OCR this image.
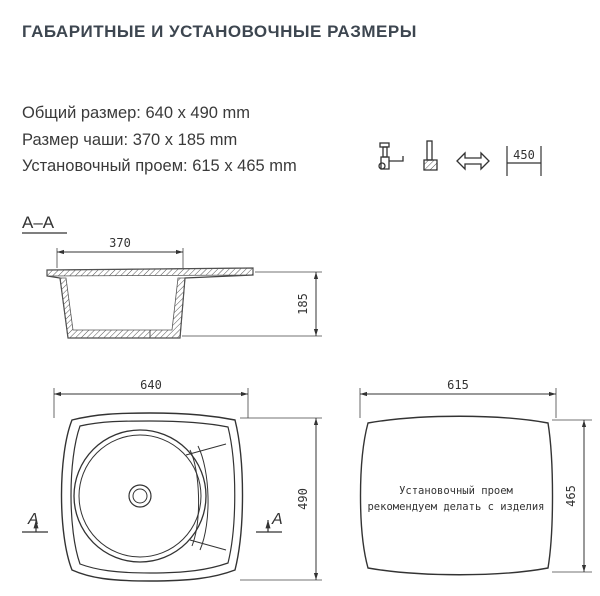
ГАБАРИТНЫЕ И УСТАНОВОЧНЫЕ РАЗМЕРЫ
Общий размер: 640 x 490 mm
Размер чаши: 370 x 185 mm
Установочный проем: 615 x 465 mm
450
А–А
370
185
640
А	А
490
615
Установочный проем
рекомендуем делать с изделия
465
